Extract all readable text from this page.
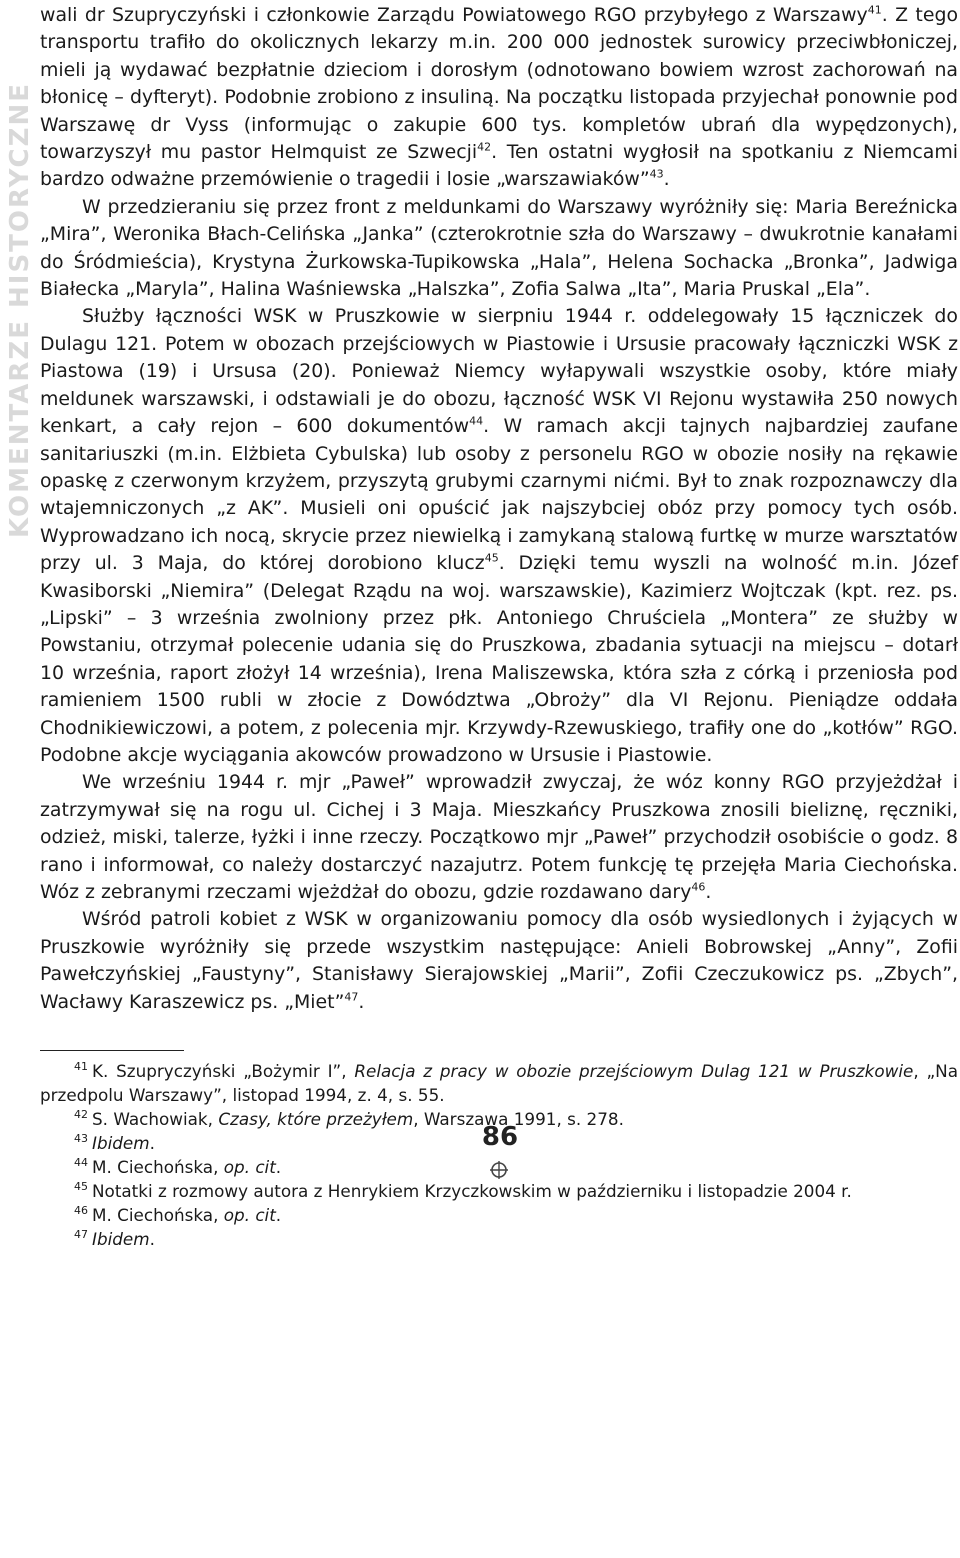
KOMENTARZE HISTORYCZNE

wali dr Szupryczyński i członkowie Zarządu Powiatowego RGO przybyłego z Warszawy$^{41}$. Z tego transportu trafiło do okolicznych lekarzy m.in. 200 000 jednostek surowicy przeciwbłoniczej, mieli ją wydawać bezpłatnie dzieciom i dorosłym (odnotowano bowiem wzrost zachorowań na błonicę – dyfteryt). Podobnie zrobiono z insuliną. Na początku listopada przyjechał ponownie pod Warszawę dr Vyss (informując o zakupie 600 tys. kompletów ubrań dla wypędzonych), towarzyszył mu pastor Helmquist ze Szwecji$^{42}$. Ten ostatni wygłosił na spotkaniu z Niemcami bardzo odważne przemówienie o tragedii i losie „warszawiaków”$^{43}$.

W przedzieraniu się przez front z meldunkami do Warszawy wyróżniły się: Maria Bereźnicka „Mira”, Weronika Błach-Celińska „Janka” (czterokrotnie szła do Warszawy – dwukrotnie kanałami do Śródmieścia), Krystyna Żurkowska-Tupikowska „Hala”, Helena Sochacka „Bronka”, Jadwiga Białecka „Maryla”, Halina Waśniewska „Halszka”, Zofia Salwa „Ita”, Maria Pruskal „Ela”.

Służby łączności WSK w Pruszkowie w sierpniu 1944 r. oddelegowały 15 łączniczek do Dulagu 121. Potem w obozach przejściowych w Piastowie i Ursusie pracowały łączniczki WSK z Piastowa (19) i Ursusa (20). Ponieważ Niemcy wyłapywali wszystkie osoby, które miały meldunek warszawski, i odstawiali je do obozu, łączność WSK VI Rejonu wystawiła 250 nowych kenkart, a cały rejon – 600 dokumentów$^{44}$. W ramach akcji tajnych najbardziej zaufane sanitariuszki (m.in. Elżbieta Cybulska) lub osoby z personelu RGO w obozie nosiły na rękawie opaskę z czerwonym krzyżem, przyszytą grubymi czarnymi nićmi. Był to znak rozpoznawczy dla wtajemniczonych „z AK”. Musieli oni opuścić jak najszybciej obóz przy pomocy tych osób. Wyprowadzano ich nocą, skrycie przez niewielką i zamykaną stalową furtkę w murze warsztatów przy ul. 3 Maja, do której dorobiono klucz$^{45}$. Dzięki temu wyszli na wolność m.in. Józef Kwasiborski „Niemira” (Delegat Rządu na woj. warszawskie), Kazimierz Wojtczak (kpt. rez. ps. „Lipski” – 3 września zwolniony przez płk. Antoniego Chruściela „Montera” ze służby w Powstaniu, otrzymał polecenie udania się do Pruszkowa, zbadania sytuacji na miejscu – dotarł 10 września, raport złożył 14 września), Irena Maliszewska, która szła z córką i przeniosła pod ramieniem 1500 rubli w złocie z Dowództwa „Obroży” dla VI Rejonu. Pieniądze oddała Chodnikiewiczowi, a potem, z polecenia mjr. Krzywdy-Rzewuskiego, trafiły one do „kotłów” RGO. Podobne akcje wyciągania akowców prowadzono w Ursusie i Piastowie.

We wrześniu 1944 r. mjr „Paweł” wprowadził zwyczaj, że wóz konny RGO przyjeżdżał i zatrzymywał się na rogu ul. Cichej i 3 Maja. Mieszkańcy Pruszkowa znosili bieliznę, ręczniki, odzież, miski, talerze, łyżki i inne rzeczy. Początkowo mjr „Paweł” przychodził osobiście o godz. 8 rano i informował, co należy dostarczyć nazajutrz. Potem funkcję tę przejęła Maria Ciechońska. Wóz z zebranymi rzeczami wjeżdżał do obozu, gdzie rozdawano dary$^{46}$.

Wśród patroli kobiet z WSK w organizowaniu pomocy dla osób wysiedlonych i żyjących w Pruszkowie wyróżniły się przede wszystkim następujące: Anieli Bobrowskej „Anny”, Zofii Pawełczyńskiej „Faustyny”, Stanisławy Sierajowskiej „Marii”, Zofii Czeczukowicz ps. „Zbych”, Wacławy Karaszewicz ps. „Miet”$^{47}$.

$^{41}$ K. Szupryczyński „Bożymir I”, Relacja z pracy w obozie przejściowym Dulag 121 w Pruszkowie, „Na przedpolu Warszawy”, listopad 1994, z. 4, s. 55.

$^{42}$ S. Wachowiak, Czasy, które przeżyłem, Warszawa 1991, s. 278.

$^{43}$ Ibidem.

$^{44}$ M. Ciechońska, op. cit.

$^{45}$ Notatki z rozmowy autora z Henrykiem Krzyczkowskim w październiku i listopadzie 2004 r.

$^{46}$ M. Ciechońska, op. cit.

$^{47}$ Ibidem.

86
